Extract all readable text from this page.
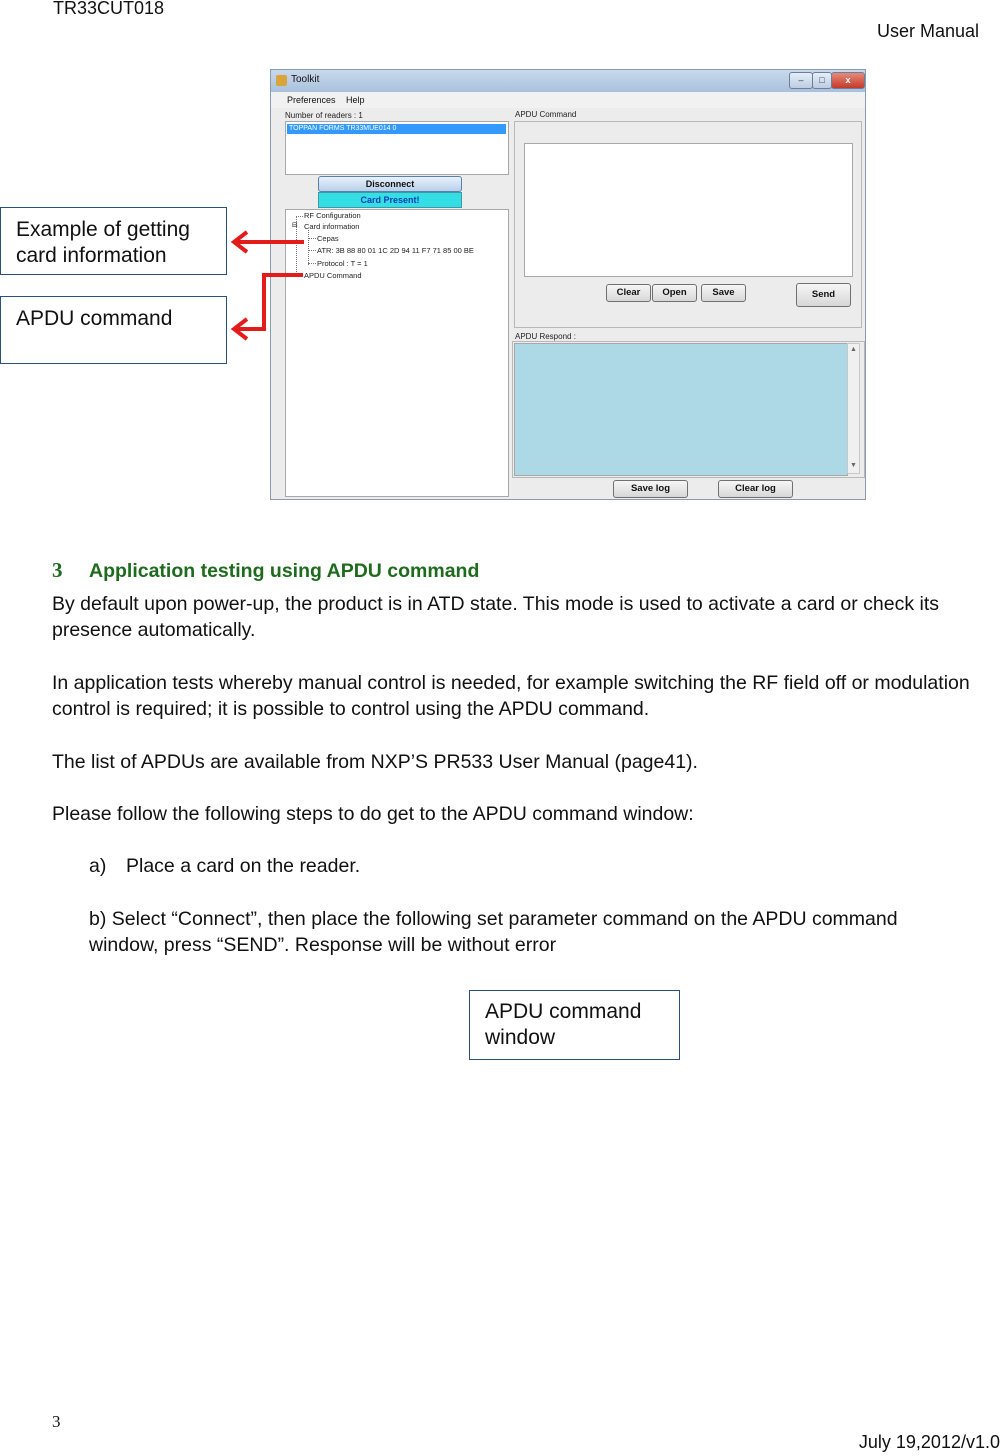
TR33CUT018
User Manual
Toolkit	–	□	x
Preferences Help
Number of readers : 1
TOPPAN FORMS TR33MUE014 0
Disconnect
Card Present!
RF Configuration
⊟ Card information
Cepas
ATR: 3B 88 80 01 1C 2D 94 11 F7 71 85 00 BE
Protocol : T = 1
APDU Command
APDU Command
Clear	Open	Save	Send
APDU Respond :
▲
▼
Save log	Clear log
Example of getting card information
APDU command
3 Application testing using APDU command
By default upon power-up, the product is in ATD state. This mode is used to activate a card or check its presence automatically.
In application tests whereby manual control is needed, for example switching the RF field off or modulation control is required; it is possible to control using the APDU command.
The list of APDUs are available from NXP’S PR533 User Manual (page41).
Please follow the following steps to do get to the APDU command window:
a)	Place a card on the reader.
b) Select “Connect”, then place the following set parameter command on the APDU command window, press “SEND”. Response will be without error
APDU command window
3
July 19,2012/v1.0
